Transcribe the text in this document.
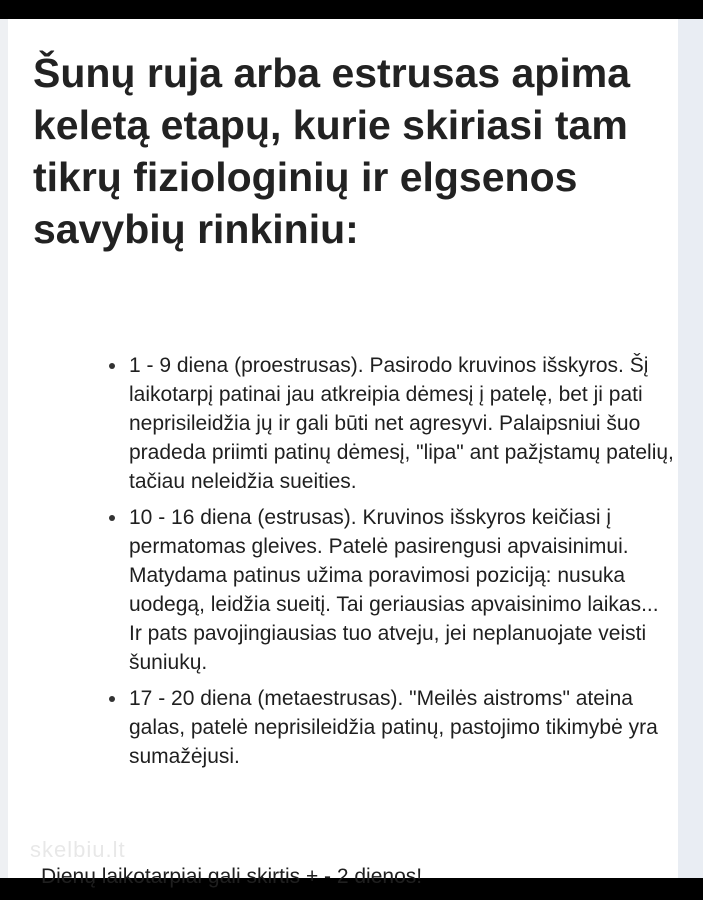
Šunų ruja arba estrusas apima keletą etapų, kurie skiriasi tam tikrų fiziologinių ir elgsenos savybių rinkiniu:
1 - 9 diena (proestrusas). Pasirodo kruvinos išskyros. Šį laikotarpį patinai jau atkreipia dėmesį į patelę, bet ji pati neprisileidžia jų ir gali būti net agresyvi. Palaipsniui šuo pradeda priimti patinų dėmesį, "lipa" ant pažįstamų patelių, tačiau neleidžia sueities.
10 - 16 diena (estrusas). Kruvinos išskyros keičiasi į permatomas gleives. Patelė pasirengusi apvaisinimui. Matydama patinus užima poravimosi poziciją: nusuka uodegą, leidžia sueitį. Tai geriausias apvaisinimo laikas... Ir pats pavojingiausias tuo atveju, jei neplanuojate veisti šuniukų.
17 - 20 diena (metaestrusas). "Meilės aistroms" ateina galas, patelė neprisileidžia patinų, pastojimo tikimybė yra sumažėjusi.
skelbiu.lt

Dienų laikotarpiai gali skirtis + - 2 dienos!
